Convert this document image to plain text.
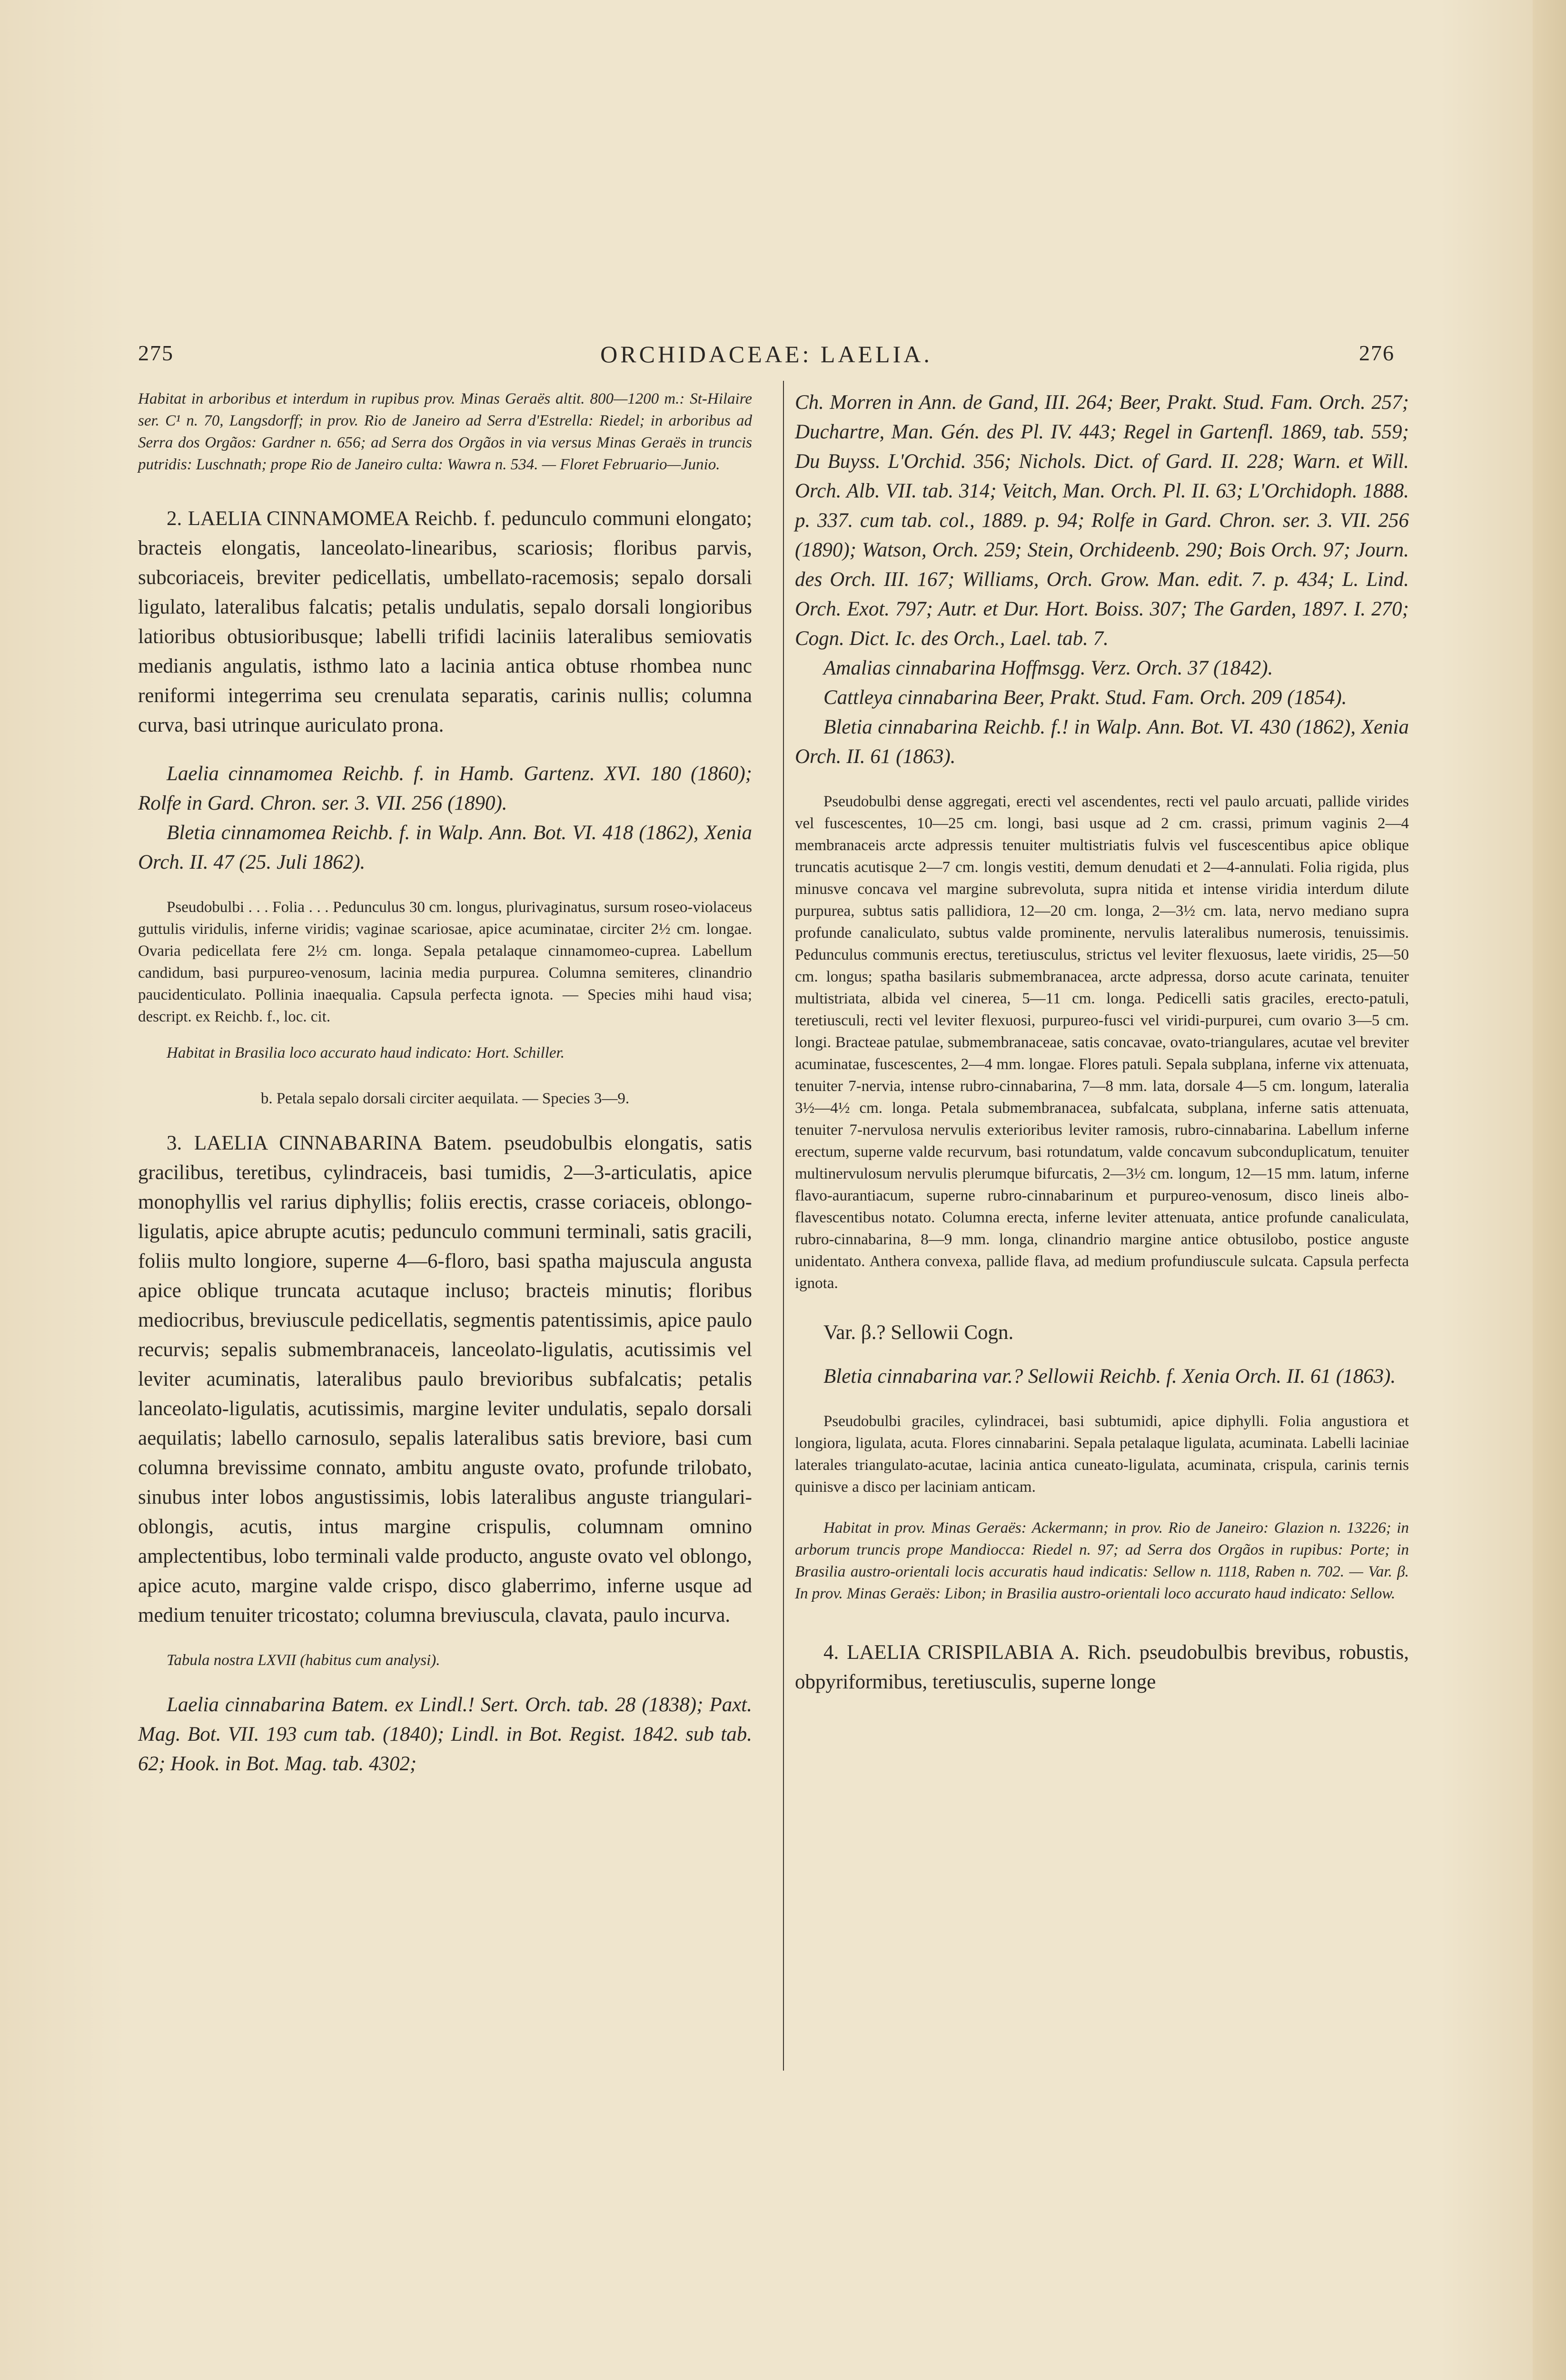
275	ORCHIDACEAE: LAELIA.	276

Habitat in arboribus et interdum in rupibus prov. Minas Geraës altit. 800—1200 m.: St-Hilaire ser. C¹ n. 70, Langsdorff; in prov. Rio de Janeiro ad Serra d'Estrella: Riedel; in arboribus ad Serra dos Orgãos: Gardner n. 656; ad Serra dos Orgãos in via versus Minas Geraës in truncis putridis: Luschnath; prope Rio de Janeiro culta: Wawra n. 534. — Floret Februario—Junio.

2. LAELIA CINNAMOMEA Reichb. f. pedunculo communi elongato; bracteis elongatis, lanceolato-linearibus, scariosis; floribus parvis, subcoriaceis, breviter pedicellatis, umbellato-racemosis; sepalo dorsali ligulato, lateralibus falcatis; petalis undulatis, sepalo dorsali longioribus latioribus obtusioribusque; labelli trifidi laciniis lateralibus semiovatis medianis angulatis, isthmo lato a lacinia antica obtuse rhombea nunc reniformi integerrima seu crenulata separatis, carinis nullis; columna curva, basi utrinque auriculato prona.

Laelia cinnamomea Reichb. f. in Hamb. Gartenz. XVI. 180 (1860); Rolfe in Gard. Chron. ser. 3. VII. 256 (1890).

Bletia cinnamomea Reichb. f. in Walp. Ann. Bot. VI. 418 (1862), Xenia Orch. II. 47 (25. Juli 1862).

Pseudobulbi . . . Folia . . . Pedunculus 30 cm. longus, plurivaginatus, sursum roseo-violaceus guttulis viridulis, inferne viridis; vaginae scariosae, apice acuminatae, circiter 2½ cm. longae. Ovaria pedicellata fere 2½ cm. longa. Sepala petalaque cinnamomeo-cuprea. Labellum candidum, basi purpureo-venosum, lacinia media purpurea. Columna semiteres, clinandrio paucidenticulato. Pollinia inaequalia. Capsula perfecta ignota. — Species mihi haud visa; descript. ex Reichb. f., loc. cit.

Habitat in Brasilia loco accurato haud indicato: Hort. Schiller.

b. Petala sepalo dorsali circiter aequilata. — Species 3—9.

3. LAELIA CINNABARINA Batem. pseudobulbis elongatis, satis gracilibus, teretibus, cylindraceis, basi tumidis, 2—3-articulatis, apice monophyllis vel rarius diphyllis; foliis erectis, crasse coriaceis, oblongo-ligulatis, apice abrupte acutis; pedunculo communi terminali, satis gracili, foliis multo longiore, superne 4—6-floro, basi spatha majuscula angusta apice oblique truncata acutaque incluso; bracteis minutis; floribus mediocribus, breviuscule pedicellatis, segmentis patentissimis, apice paulo recurvis; sepalis submembranaceis, lanceolato-ligulatis, acutissimis vel leviter acuminatis, lateralibus paulo brevioribus subfalcatis; petalis lanceolato-ligulatis, acutissimis, margine leviter undulatis, sepalo dorsali aequilatis; labello carnosulo, sepalis lateralibus satis breviore, basi cum columna brevissime connato, ambitu anguste ovato, profunde trilobato, sinubus inter lobos angustissimis, lobis lateralibus anguste triangulari-oblongis, acutis, intus margine crispulis, columnam omnino amplectentibus, lobo terminali valde producto, anguste ovato vel oblongo, apice acuto, margine valde crispo, disco glaberrimo, inferne usque ad medium tenuiter tricostato; columna breviuscula, clavata, paulo incurva.

Tabula nostra LXVII (habitus cum analysi).

Laelia cinnabarina Batem. ex Lindl.! Sert. Orch. tab. 28 (1838); Paxt. Mag. Bot. VII. 193 cum tab. (1840); Lindl. in Bot. Regist. 1842. sub tab. 62; Hook. in Bot. Mag. tab. 4302;

Ch. Morren in Ann. de Gand, III. 264; Beer, Prakt. Stud. Fam. Orch. 257; Duchartre, Man. Gén. des Pl. IV. 443; Regel in Gartenfl. 1869, tab. 559; Du Buyss. L'Orchid. 356; Nichols. Dict. of Gard. II. 228; Warn. et Will. Orch. Alb. VII. tab. 314; Veitch, Man. Orch. Pl. II. 63; L'Orchidoph. 1888. p. 337. cum tab. col., 1889. p. 94; Rolfe in Gard. Chron. ser. 3. VII. 256 (1890); Watson, Orch. 259; Stein, Orchideenb. 290; Bois Orch. 97; Journ. des Orch. III. 167; Williams, Orch. Grow. Man. edit. 7. p. 434; L. Lind. Orch. Exot. 797; Autr. et Dur. Hort. Boiss. 307; The Garden, 1897. I. 270; Cogn. Dict. Ic. des Orch., Lael. tab. 7.

Amalias cinnabarina Hoffmsgg. Verz. Orch. 37 (1842).

Cattleya cinnabarina Beer, Prakt. Stud. Fam. Orch. 209 (1854).

Bletia cinnabarina Reichb. f.! in Walp. Ann. Bot. VI. 430 (1862), Xenia Orch. II. 61 (1863).

Pseudobulbi dense aggregati, erecti vel ascendentes, recti vel paulo arcuati, pallide virides vel fuscescentes, 10—25 cm. longi, basi usque ad 2 cm. crassi, primum vaginis 2—4 membranaceis arcte adpressis tenuiter multistriatis fulvis vel fuscescentibus apice oblique truncatis acutisque 2—7 cm. longis vestiti, demum denudati et 2—4-annulati. Folia rigida, plus minusve concava vel margine subrevoluta, supra nitida et intense viridia interdum dilute purpurea, subtus satis pallidiora, 12—20 cm. longa, 2—3½ cm. lata, nervo mediano supra profunde canaliculato, subtus valde prominente, nervulis lateralibus numerosis, tenuissimis. Pedunculus communis erectus, teretiusculus, strictus vel leviter flexuosus, laete viridis, 25—50 cm. longus; spatha basilaris submembranacea, arcte adpressa, dorso acute carinata, tenuiter multistriata, albida vel cinerea, 5—11 cm. longa. Pedicelli satis graciles, erecto-patuli, teretiusculi, recti vel leviter flexuosi, purpureo-fusci vel viridi-purpurei, cum ovario 3—5 cm. longi. Bracteae patulae, submembranaceae, satis concavae, ovato-triangulares, acutae vel breviter acuminatae, fuscescentes, 2—4 mm. longae. Flores patuli. Sepala subplana, inferne vix attenuata, tenuiter 7-nervia, intense rubro-cinnabarina, 7—8 mm. lata, dorsale 4—5 cm. longum, lateralia 3½—4½ cm. longa. Petala submembranacea, subfalcata, subplana, inferne satis attenuata, tenuiter 7-nervulosa nervulis exterioribus leviter ramosis, rubro-cinnabarina. Labellum inferne erectum, superne valde recurvum, basi rotundatum, valde concavum subconduplicatum, tenuiter multinervulosum nervulis plerumque bifurcatis, 2—3½ cm. longum, 12—15 mm. latum, inferne flavo-aurantiacum, superne rubro-cinnabarinum et purpureo-venosum, disco lineis albo-flavescentibus notato. Columna erecta, inferne leviter attenuata, antice profunde canaliculata, rubro-cinnabarina, 8—9 mm. longa, clinandrio margine antice obtusilobo, postice anguste unidentato. Anthera convexa, pallide flava, ad medium profundiuscule sulcata. Capsula perfecta ignota.

Var. β.? Sellowii Cogn.

Bletia cinnabarina var.? Sellowii Reichb. f. Xenia Orch. II. 61 (1863).

Pseudobulbi graciles, cylindracei, basi subtumidi, apice diphylli. Folia angustiora et longiora, ligulata, acuta. Flores cinnabarini. Sepala petalaque ligulata, acuminata. Labelli laciniae laterales triangulato-acutae, lacinia antica cuneato-ligulata, acuminata, crispula, carinis ternis quinisve a disco per laciniam anticam.

Habitat in prov. Minas Geraës: Ackermann; in prov. Rio de Janeiro: Glazion n. 13226; in arborum truncis prope Mandiocca: Riedel n. 97; ad Serra dos Orgãos in rupibus: Porte; in Brasilia austro-orientali locis accuratis haud indicatis: Sellow n. 1118, Raben n. 702. — Var. β. In prov. Minas Geraës: Libon; in Brasilia austro-orientali loco accurato haud indicato: Sellow.

4. LAELIA CRISPILABIA A. Rich. pseudobulbis brevibus, robustis, obpyriformibus, teretiusculis, superne longe
